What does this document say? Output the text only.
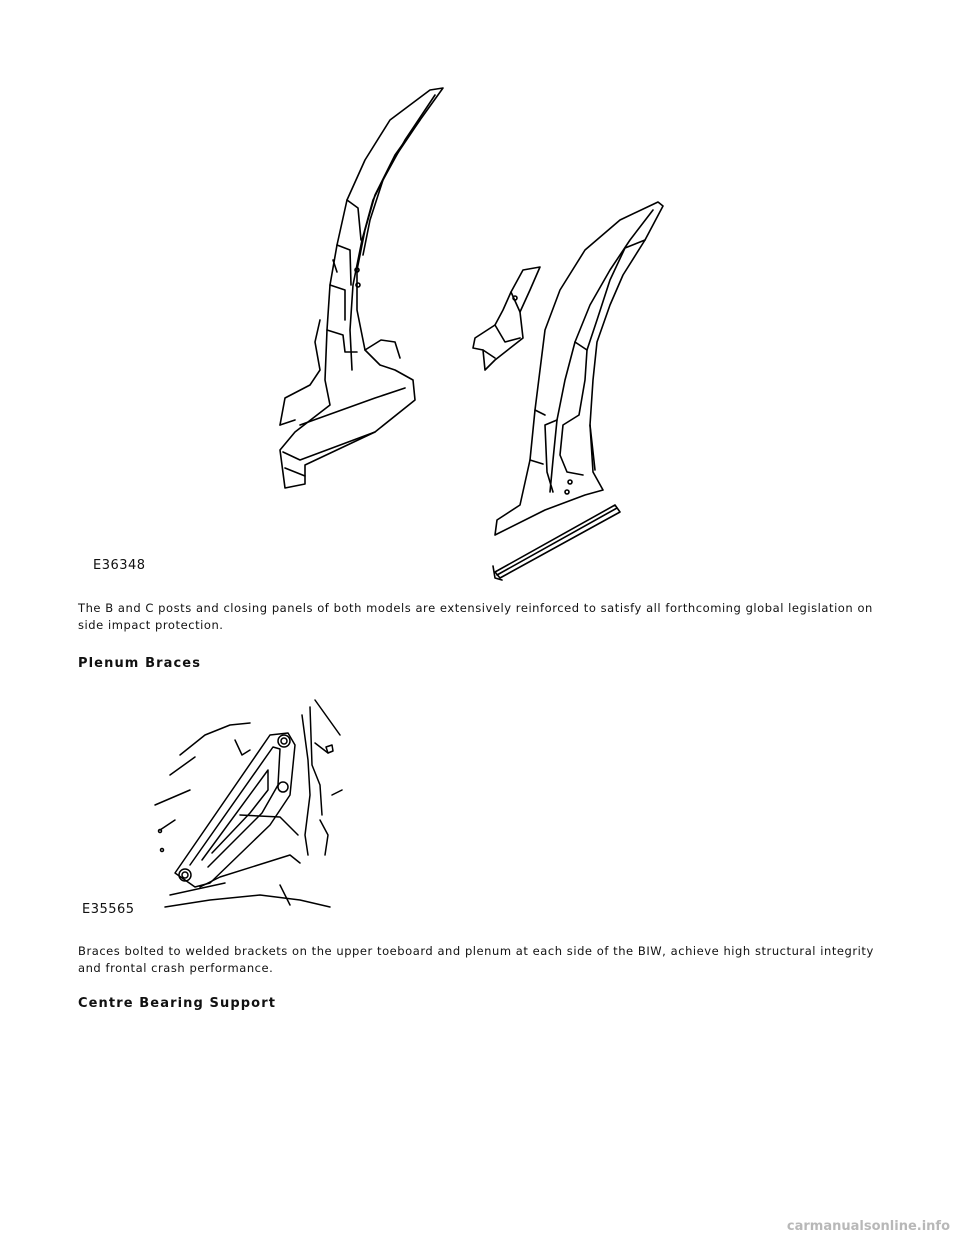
E36348
The B and C posts and closing panels of both models are extensively reinforced to satisfy all forthcoming global legislation on side impact protection.
Plenum Braces
E35565
Braces bolted to welded brackets on the upper toeboard and plenum at each side of the BIW, achieve high structural integrity and frontal crash performance.
Centre Bearing Support
carmanualsonline.info
